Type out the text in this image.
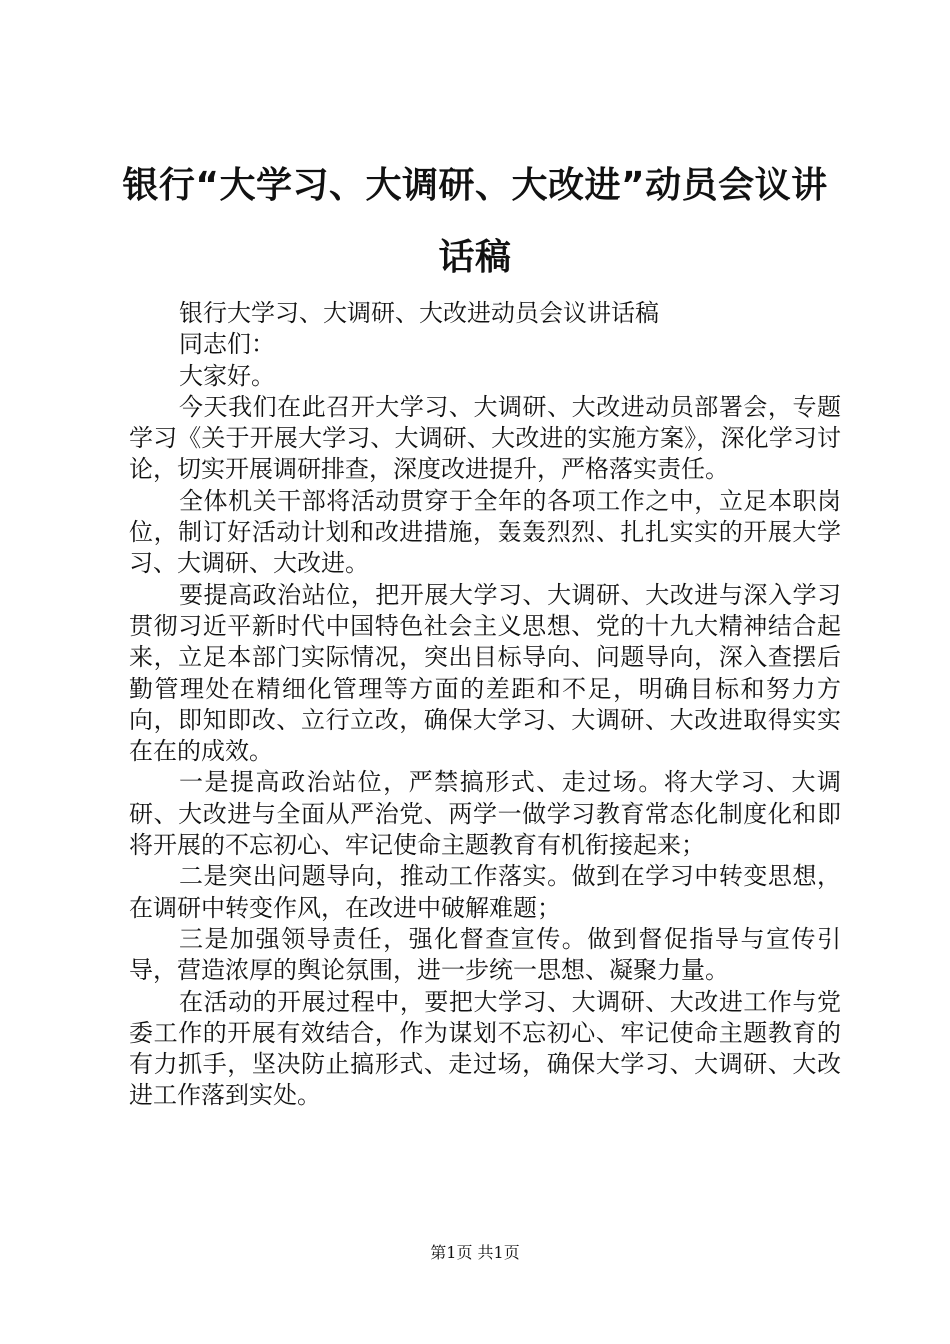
银行“大学习、大调研、大改进”动员会议讲话稿

银行大学习、大调研、大改进动员会议讲话稿

同志们：

大家好。

今天我们在此召开大学习、大调研、大改进动员部署会，专题学习《关于开展大学习、大调研、大改进的实施方案》，深化学习讨论，切实开展调研排查，深度改进提升，严格落实责任。

全体机关干部将活动贯穿于全年的各项工作之中，立足本职岗位，制订好活动计划和改进措施，轰轰烈烈、扎扎实实的开展大学习、大调研、大改进。

要提高政治站位，把开展大学习、大调研、大改进与深入学习贯彻习近平新时代中国特色社会主义思想、党的十九大精神结合起来，立足本部门实际情况，突出目标导向、问题导向，深入查摆后勤管理处在精细化管理等方面的差距和不足，明确目标和努力方向，即知即改、立行立改，确保大学习、大调研、大改进取得实实在在的成效。

一是提高政治站位，严禁搞形式、走过场。将大学习、大调研、大改进与全面从严治党、两学一做学习教育常态化制度化和即将开展的不忘初心、牢记使命主题教育有机衔接起来；

二是突出问题导向，推动工作落实。做到在学习中转变思想，在调研中转变作风，在改进中破解难题；

三是加强领导责任，强化督查宣传。做到督促指导与宣传引导，营造浓厚的舆论氛围，进一步统一思想、凝聚力量。

在活动的开展过程中，要把大学习、大调研、大改进工作与党委工作的开展有效结合，作为谋划不忘初心、牢记使命主题教育的有力抓手，坚决防止搞形式、走过场，确保大学习、大调研、大改进工作落到实处。

第1页 共1页
